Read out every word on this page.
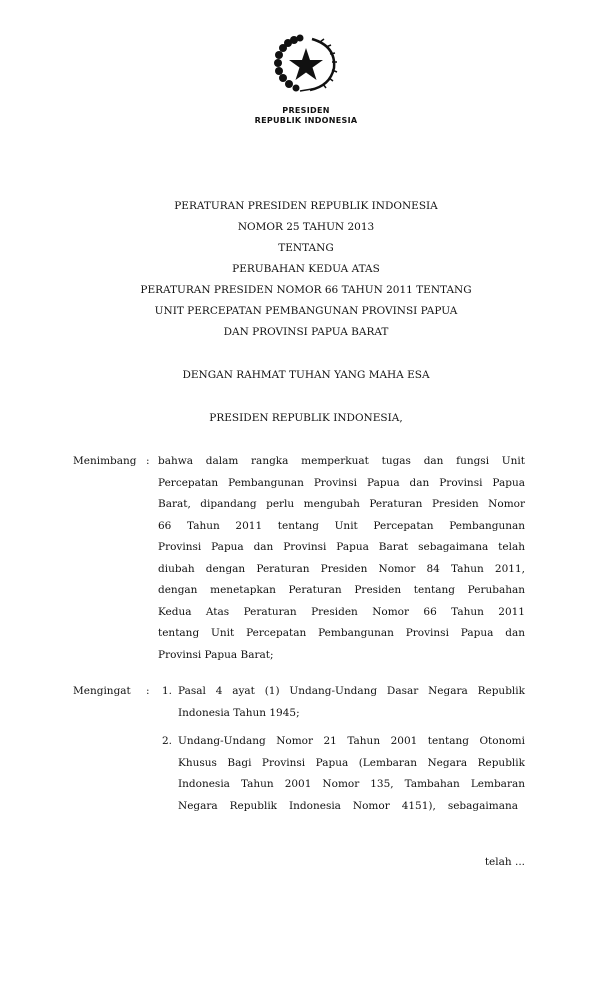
PRESIDEN
REPUBLIK INDONESIA
PERATURAN PRESIDEN REPUBLIK INDONESIA
NOMOR 25 TAHUN 2013
TENTANG
PERUBAHAN KEDUA ATAS
PERATURAN PRESIDEN NOMOR 66 TAHUN 2011 TENTANG
UNIT PERCEPATAN PEMBANGUNAN PROVINSI PAPUA
DAN PROVINSI PAPUA BARAT
DENGAN RAHMAT TUHAN YANG MAHA ESA
PRESIDEN REPUBLIK INDONESIA,
Menimbang : bahwa dalam rangka memperkuat tugas dan fungsi Unit
Percepatan Pembangunan Provinsi Papua dan Provinsi Papua
Barat, dipandang perlu mengubah Peraturan Presiden Nomor
66 Tahun 2011 tentang Unit Percepatan Pembangunan
Provinsi Papua dan Provinsi Papua Barat sebagaimana telah
diubah dengan Peraturan Presiden Nomor 84 Tahun 2011,
dengan menetapkan Peraturan Presiden tentang Perubahan
Kedua Atas Peraturan Presiden Nomor 66 Tahun 2011
tentang Unit Percepatan Pembangunan Provinsi Papua dan
Provinsi Papua Barat;
Mengingat : 1. Pasal 4 ayat (1) Undang-Undang Dasar Negara Republik
Indonesia Tahun 1945;
2. Undang-Undang Nomor 21 Tahun 2001 tentang Otonomi
Khusus Bagi Provinsi Papua (Lembaran Negara Republik
Indonesia Tahun 2001 Nomor 135, Tambahan Lembaran
Negara Republik Indonesia Nomor 4151), sebagaimana
telah ...
